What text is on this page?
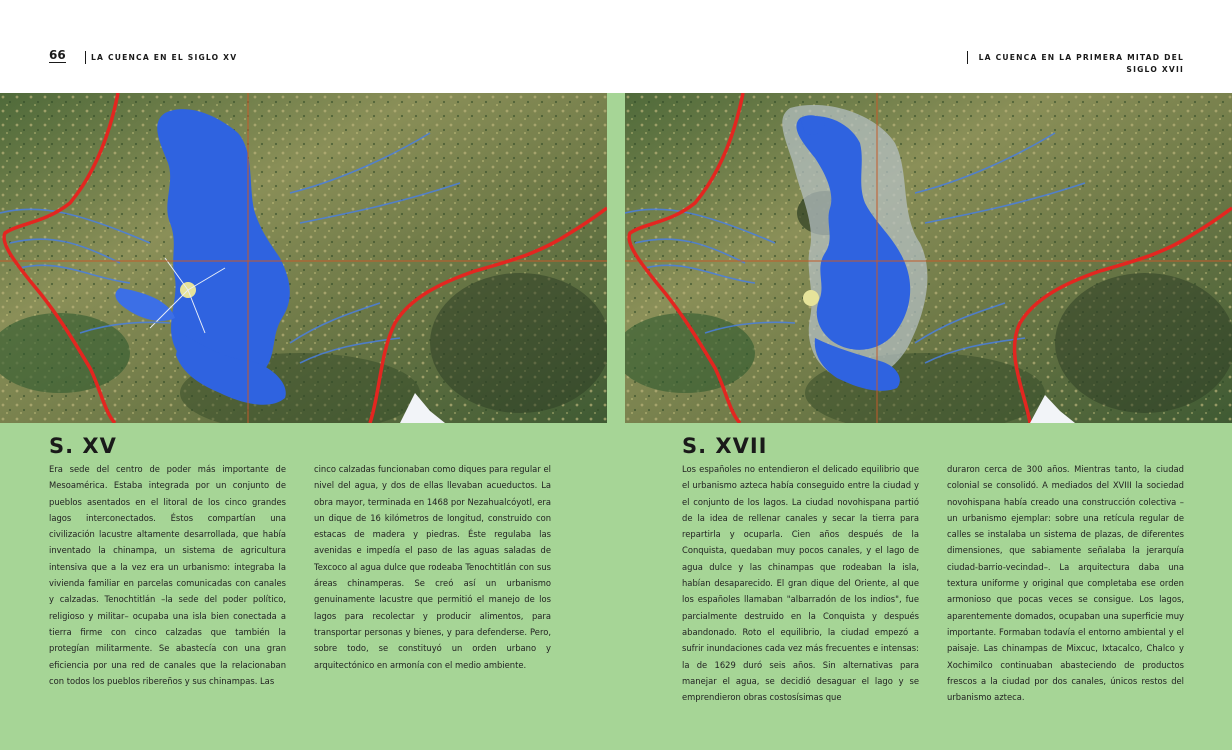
66	LA CUENCA EN EL SIGLO XV	LA CUENCA EN LA PRIMERA MITAD DEL SIGLO XVII
S. XV
Era sede del centro de poder más importante de Mesoamérica. Estaba integrada por un conjunto de pueblos asentados en el litoral de los cinco grandes lagos interconectados. Éstos compartían una civilización lacustre altamente desarrollada, que había inventado la chinampa, un sistema de agricultura intensiva que a la vez era un urbanismo: integraba la vivienda familiar en parcelas comunicadas con canales y calzadas. Tenochtitlán –la sede del poder político, religioso y militar– ocupaba una isla bien conectada a tierra firme con cinco calzadas que también la protegían militarmente. Se abastecía con una gran eficiencia por una red de canales que la relacionaban con todos los pueblos ribereños y sus chinampas. Las
cinco calzadas funcionaban como diques para regular el nivel del agua, y dos de ellas llevaban acueductos. La obra mayor, terminada en 1468 por Nezahualcóyotl, era un dique de 16 kilómetros de longitud, construido con estacas de madera y piedras. Éste regulaba las avenidas e impedía el paso de las aguas saladas de Texcoco al agua dulce que rodeaba Tenochtitlán con sus áreas chinamperas. Se creó así un urbanismo genuinamente lacustre que permitió el manejo de los lagos para recolectar y producir alimentos, para transportar personas y bienes, y para defenderse. Pero, sobre todo, se constituyó un orden urbano y arquitectónico en armonía con el medio ambiente.
S. XVII
Los españoles no entendieron el delicado equilibrio que el urbanismo azteca había conseguido entre la ciudad y el conjunto de los lagos. La ciudad novohispana partió de la idea de rellenar canales y secar la tierra para repartirla y ocuparla. Cien años después de la Conquista, quedaban muy pocos canales, y el lago de agua dulce y las chinampas que rodeaban la isla, habían desaparecido. El gran dique del Oriente, al que los españoles llamaban "albarradón de los indios", fue parcialmente destruido en la Conquista y después abandonado. Roto el equilibrio, la ciudad empezó a sufrir inundaciones cada vez más frecuentes e intensas: la de 1629 duró seis años. Sin alternativas para manejar el agua, se decidió desaguar el lago y se emprendieron obras costosísimas que
duraron cerca de 300 años. Mientras tanto, la ciudad colonial se consolidó. A mediados del XVIII la sociedad novohispana había creado una construcción colectiva –un urbanismo ejemplar: sobre una retícula regular de calles se instalaba un sistema de plazas, de diferentes dimensiones, que sabiamente señalaba la jerarquía ciudad-barrio-vecindad–. La arquitectura daba una textura uniforme y original que completaba ese orden armonioso que pocas veces se consigue. Los lagos, aparentemente domados, ocupaban una superficie muy importante. Formaban todavía el entorno ambiental y el paisaje. Las chinampas de Mixcuc, Ixtacalco, Chalco y Xochimilco continuaban abasteciendo de productos frescos a la ciudad por dos canales, únicos restos del urbanismo azteca.
